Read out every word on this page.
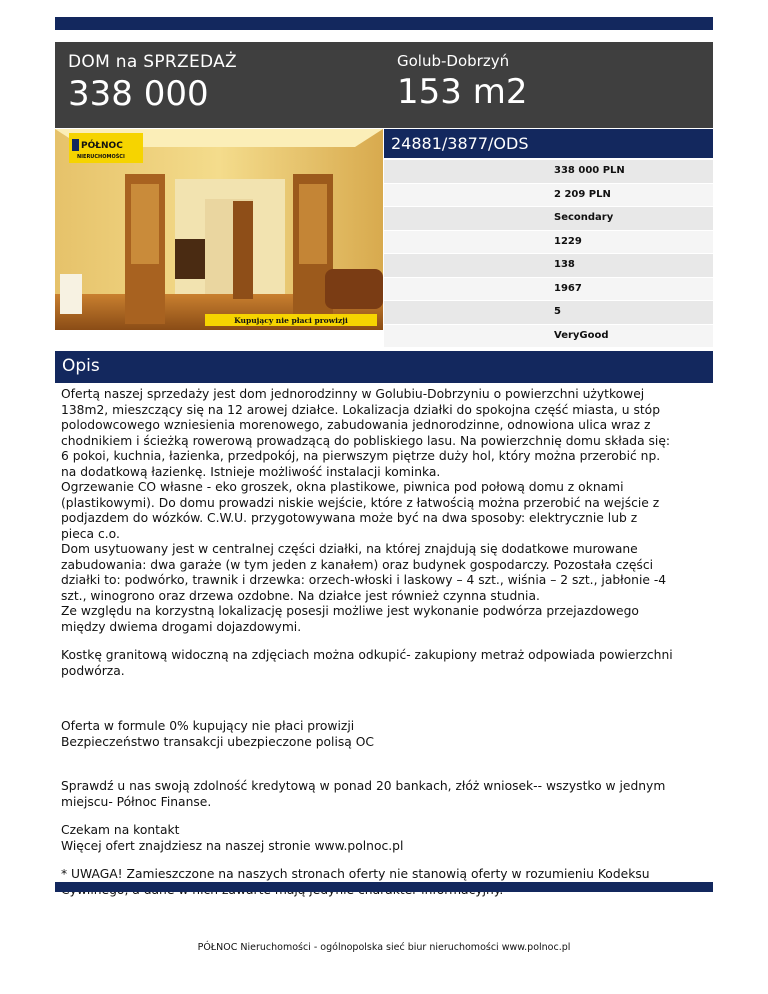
DOM na SPRZEDAŻ
338 000
Golub-Dobrzyń
153 m2
PÓŁNOC
NIERUCHOMOŚCI
Kupujący nie płaci prowizji
24881/3877/ODS
338 000 PLN
2 209 PLN
Secondary
1229
138
1967
5
VeryGood
Opis

Ofertą naszej sprzedaży jest dom jednorodzinny w Golubiu-Dobrzyniu o powierzchni użytkowej

138m2, mieszczący się na 12 arowej działce. Lokalizacja działki do spokojna część miasta, u stóp

polodowcowego wzniesienia morenowego, zabudowania jednorodzinne, odnowiona ulica wraz z

chodnikiem i ścieżką rowerową prowadzącą do pobliskiego lasu. Na powierzchnię domu składa się:

6 pokoi, kuchnia, łazienka, przedpokój, na pierwszym piętrze duży hol, który można przerobić np.

na dodatkową łazienkę. Istnieje możliwość instalacji kominka.

Ogrzewanie CO własne - eko groszek, okna plastikowe, piwnica pod połową domu z oknami

(plastikowymi). Do domu prowadzi niskie wejście, które z łatwością można przerobić na wejście z

podjazdem do wózków. C.W.U. przygotowywana może być na dwa sposoby: elektrycznie lub z

pieca c.o.

Dom usytuowany jest w centralnej części działki, na której znajdują się dodatkowe murowane

zabudowania: dwa garaże (w tym jeden z kanałem) oraz budynek gospodarczy. Pozostała części

działki to: podwórko, trawnik i drzewka: orzech-włoski i laskowy – 4 szt., wiśnia – 2 szt., jabłonie -4

szt., winogrono oraz drzewa ozdobne. Na działce jest również czynna studnia.

Ze względu na korzystną lokalizację posesji możliwe jest wykonanie podwórza przejazdowego

między dwiema drogami dojazdowymi.

Kostkę granitową widoczną na zdjęciach można odkupić- zakupiony metraż odpowiada powierzchni

podwórza.

Oferta w formule 0% kupujący nie płaci prowizji

Bezpieczeństwo transakcji ubezpieczone polisą OC

Sprawdź u nas swoją zdolność kredytową w ponad 20 bankach, złóż wniosek-- wszystko w jednym

miejscu- Północ Finanse.

Czekam na kontakt

Więcej ofert znajdziesz na naszej stronie www.polnoc.pl

* UWAGA! Zamieszczone na naszych stronach oferty nie stanowią oferty w rozumieniu Kodeksu

PÓŁNOC Nieruchomości - ogólnopolska sieć biur nieruchomości www.polnoc.pl
